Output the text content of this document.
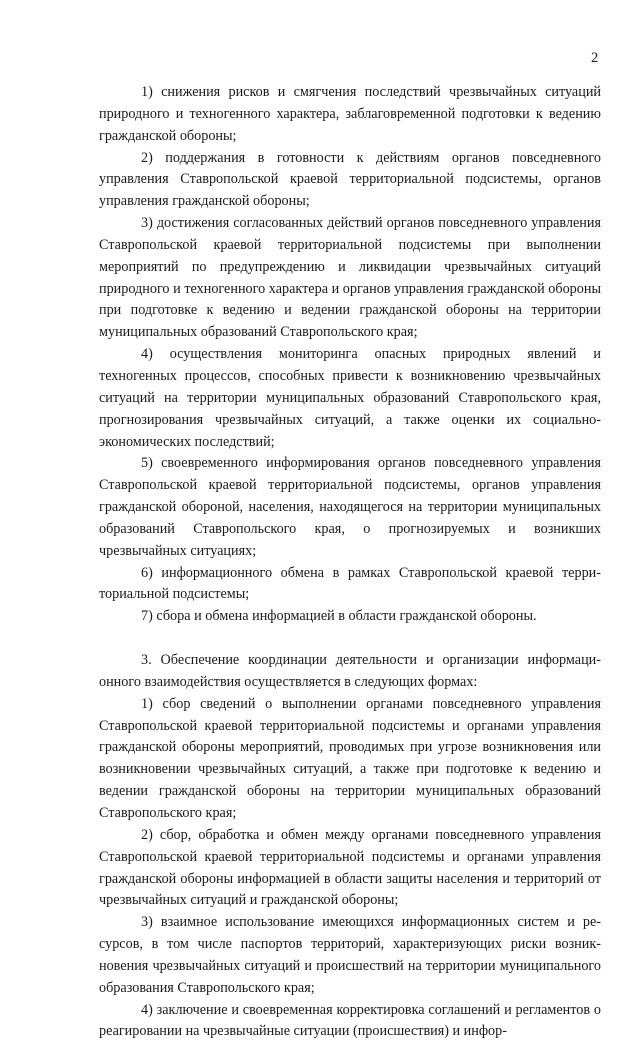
2

1) снижения рисков и смягчения последствий чрезвычайных ситуаций природного и техногенного характера, заблаговременной подготовки к ведению гражданской обороны;

2) поддержания в готовности к действиям органов повседневного управления Ставропольской краевой территориальной подсистемы, органов управления гражданской обороны;

3) достижения согласованных действий органов повседневного управления Ставропольской краевой территориальной подсистемы при выполнении мероприятий по предупреждению и ликвидации чрезвычайных ситуаций природного и техногенного характера и органов управления гражданской обороны при подготовке к ведению и ведении гражданской обороны на территории муниципальных образований Ставропольского края;

4) осуществления мониторинга опасных природных явлений и техногенных процессов, способных привести к возникновению чрезвычайных ситуаций на территории муниципальных образований Ставропольского края, прогнозирования чрезвычайных ситуаций, а также оценки их социально-экономических последствий;

5) своевременного информирования органов повседневного управления Ставропольской краевой территориальной подсистемы, органов управления гражданской обороной, населения, находящегося на территории муниципальных образований Ставропольского края, о прогнозируемых и возникших чрезвычайных ситуациях;

6) информационного обмена в рамках Ставропольской краевой территориальной подсистемы;

7) сбора и обмена информацией в области гражданской обороны.

3. Обеспечение координации деятельности и организации информационного взаимодействия осуществляется в следующих формах:

1) сбор сведений о выполнении органами повседневного управления Ставропольской краевой территориальной подсистемы и органами управления гражданской обороны мероприятий, проводимых при угрозе возникновения или возникновении чрезвычайных ситуаций, а также при подготовке к ведению и ведении гражданской обороны на территории муниципальных образований Ставропольского края;

2) сбор, обработка и обмен между органами повседневного управления Ставропольской краевой территориальной подсистемы и органами управления гражданской обороны информацией в области защиты населения и территорий от чрезвычайных ситуаций и гражданской обороны;

3) взаимное использование имеющихся информационных систем и ресурсов, в том числе паспортов территорий, характеризующих риски возникновения чрезвычайных ситуаций и происшествий на территории муниципального образования Ставропольского края;

4) заключение и своевременная корректировка соглашений и регламентов о реагировании на чрезвычайные ситуации (происшествия) и инфор-
